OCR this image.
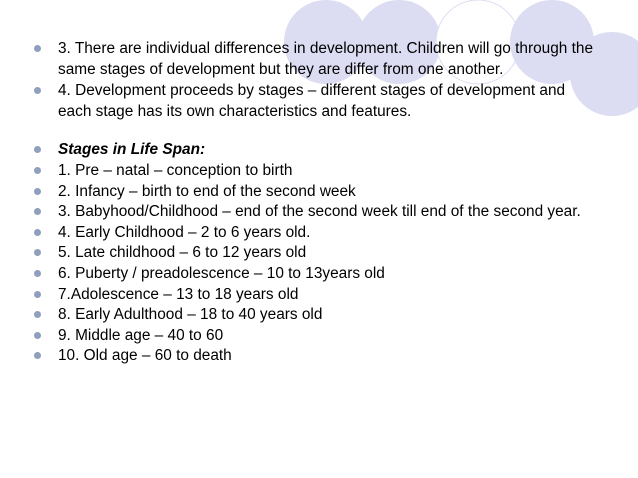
3. There are individual differences in development. Children will go through the same stages of development but they are differ from one another.
4. Development proceeds by stages – different stages of development and each stage has its own characteristics and features.
Stages in Life Span:
1. Pre – natal – conception to birth
2. Infancy – birth to end of the second week
3. Babyhood/Childhood – end of the second week till end of the second year.
4. Early Childhood – 2 to 6 years old.
5. Late childhood – 6 to 12 years old
6. Puberty / preadolescence – 10 to 13years old
7.Adolescence – 13 to 18 years old
8. Early Adulthood – 18 to 40 years old
9. Middle age – 40 to 60
10. Old age – 60 to death
